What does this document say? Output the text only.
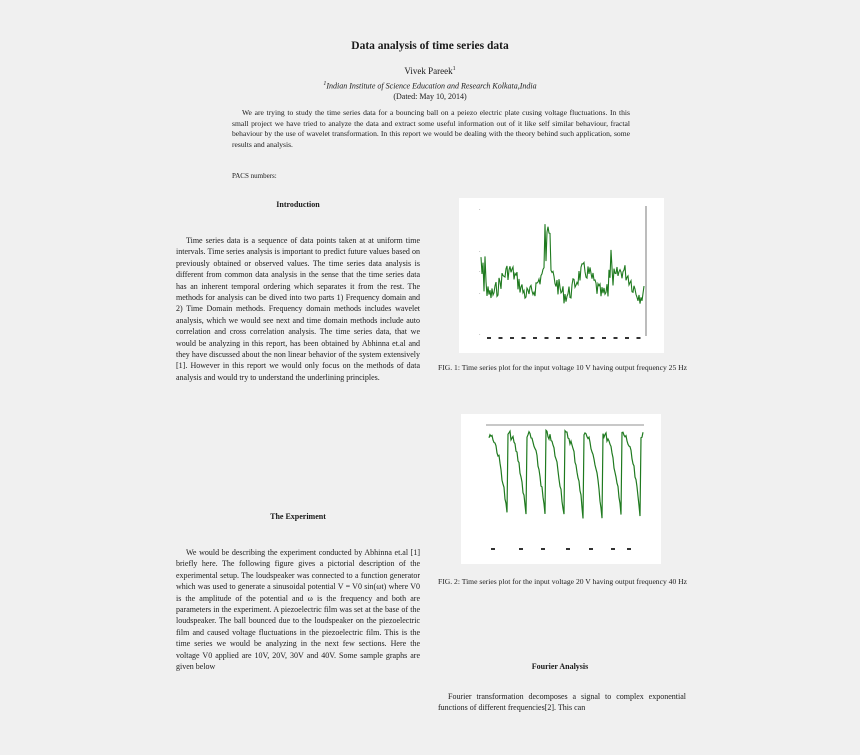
Data analysis of time series data
Vivek Pareek$^1$
$^1$Indian Institute of Science Education and Research Kolkata,India
(Dated: May 10, 2014)
We are trying to study the time series data for a bouncing ball on a peiezo electric plate cusing voltage fluctuations. In this small project we have tried to analyze the data and extract some useful information out of it like self similar behaviour, fractal behaviour by the use of wavelet transformation. In this report we would be dealing with the theory behind such application, some results and analysis.
PACS numbers:
Introduction
Time series data is a sequence of data points taken at at uniform time intervals. Time series analysis is important to predict future values based on previously obtained or observed values. The time series data analysis is different from common data analysis in the sense that the time series data has an inherent temporal ordering which separates it from the rest. The methods for analysis can be dived into two parts 1) Frequency domain and 2) Time Domain methods. Frequency domain methods includes wavelet analysis, which we would see next and time domain methods include auto correlation and cross correlation analysis. The time series data, that we would be analyzing in this report, has been obtained by Abhinna et.al and they have discussed about the non linear behavior of the system extensively [1]. However in this report we would only focus on the methods of data analysis and would try to understand the underlining principles.
The Experiment
We would be describing the experiment conducted by Abhinna et.al [1] briefly here. The following figure gives a pictorial description of the experimental setup. The loudspeaker was connected to a function generator which was used to generate a sinusoidal potential V = V0 sin(ωt) where V0 is the amplitude of the potential and ω is the frequency and both are parameters in the experiment. A piezoelectric film was set at the base of the loudspeaker. The ball bounced due to the loudspeaker on the piezoelectric film and caused voltage fluctuations in the piezoelectric film. This is the time series we would be analyzing in the next few sections. Here the voltage V0 applied are 10V, 20V, 30V and 40V. Some sample graphs are given below
·
·
·
·
·
FIG. 1: Time series plot for the input voltage 10 V having output frequency 25 Hz
FIG. 2: Time series plot for the input voltage 20 V having output frequency 40 Hz
Fourier Analysis
Fourier transformation decomposes a signal to complex exponential functions of different frequencies[2]. This can
